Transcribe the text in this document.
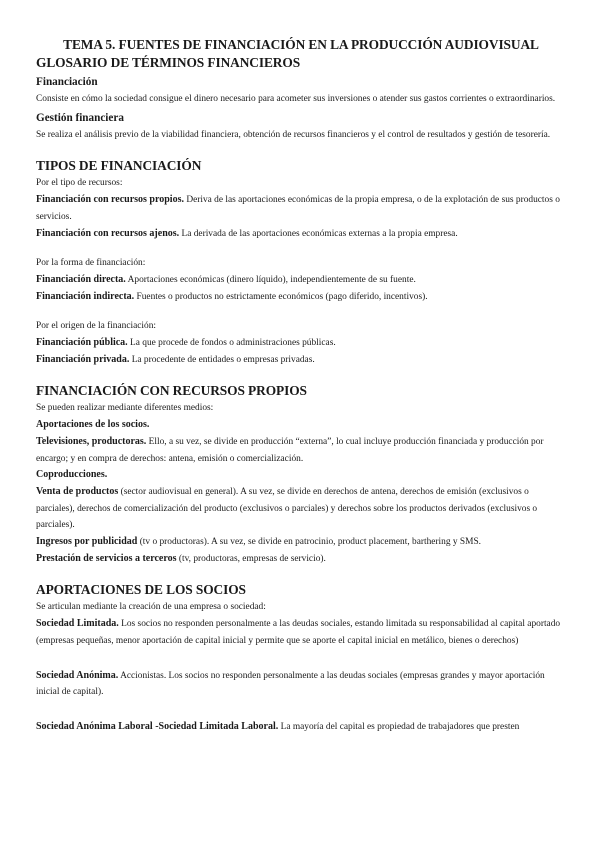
TEMA 5. FUENTES DE FINANCIACIÓN EN LA PRODUCCIÓN AUDIOVISUAL
GLOSARIO DE TÉRMINOS FINANCIEROS
Financiación

Consiste en cómo la sociedad consigue el dinero necesario para acometer sus inversiones o atender sus gastos corrientes o extraordinarios.

Gestión financiera

Se realiza el análisis previo de la viabilidad financiera, obtención de recursos financieros y el control de resultados y gestión de tesorería.

TIPOS DE FINANCIACIÓN

Por el tipo de recursos:

Financiación con recursos propios. Deriva de las aportaciones económicas de la propia empresa, o de la explotación de sus productos o servicios.

Financiación con recursos ajenos. La derivada de las aportaciones económicas externas a la propia empresa.

Por la forma de financiación:

Financiación directa. Aportaciones económicas (dinero líquido), independientemente de su fuente.

Financiación indirecta. Fuentes o productos no estrictamente económicos (pago diferido, incentivos).

Por el origen de la financiación:

Financiación pública. La que procede de fondos o administraciones públicas.

Financiación privada. La procedente de entidades o empresas privadas.

FINANCIACIÓN CON RECURSOS PROPIOS

Se pueden realizar mediante diferentes medios:

Aportaciones de los socios.

Televisiones, productoras. Ello, a su vez, se divide en producción “externa”, lo cual incluye producción financiada y producción por encargo; y en compra de derechos: antena, emisión o comercialización.

Coproducciones.

Venta de productos (sector audiovisual en general). A su vez, se divide en derechos de antena, derechos de emisión (exclusivos o parciales), derechos de comercialización del producto (exclusivos o parciales) y derechos sobre los productos derivados (exclusivos o parciales).

Ingresos por publicidad (tv o productoras). A su vez, se divide en patrocinio, product placement, barthering y SMS.

Prestación de servicios a terceros (tv, productoras, empresas de servicio).

APORTACIONES DE LOS SOCIOS

Se articulan mediante la creación de una empresa o sociedad:

Sociedad Limitada. Los socios no responden personalmente a las deudas sociales, estando limitada su responsabilidad al capital aportado (empresas pequeñas, menor aportación de capital inicial y permite que se aporte el capital inicial en metálico, bienes o derechos)

Sociedad Anónima. Accionistas. Los socios no responden personalmente a las deudas sociales (empresas grandes y mayor aportación inicial de capital).

Sociedad Anónima Laboral -Sociedad Limitada Laboral. La mayoría del capital es propiedad de trabajadores que presten
